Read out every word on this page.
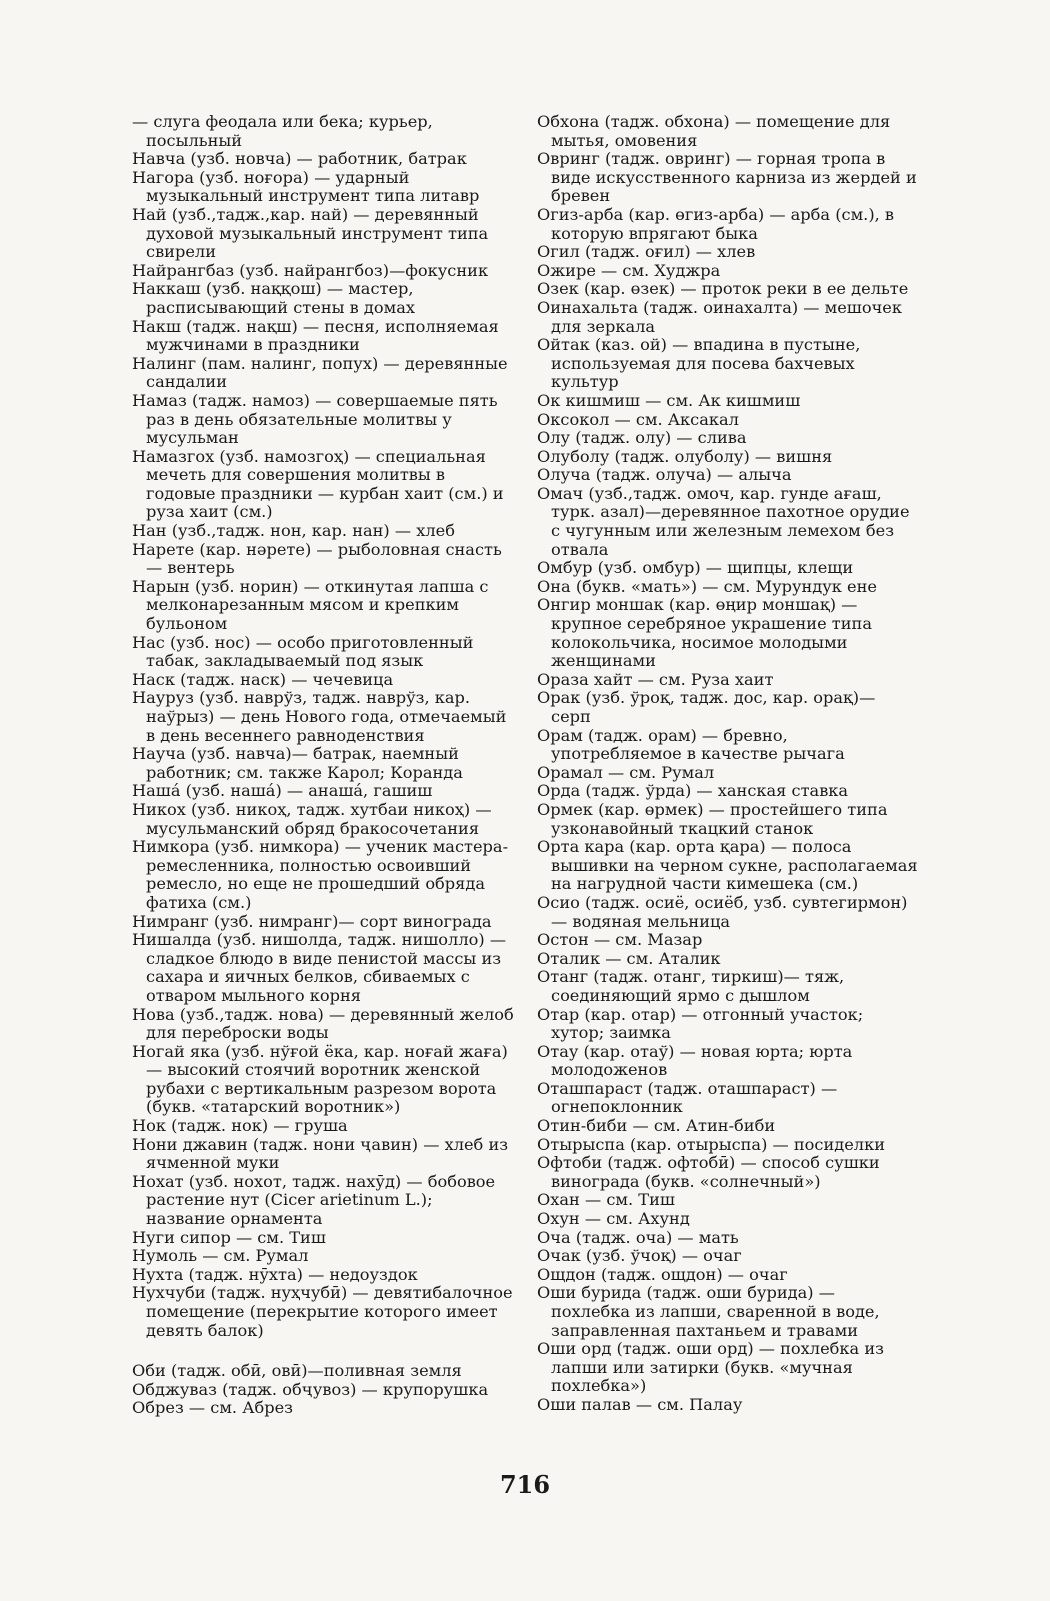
— слуга феодала или бека; курьер, посыльный

Навча (узб. новча) — работник, батрак

Нагора (узб. ноғора) — ударный музыкальный инструмент типа литавр

Най (узб.,тадж.,кар. най) — деревянный духовой музыкальный инструмент типа свирели

Найрангбаз (узб. найрангбоз)—фокусник

Наккаш (узб. наққош) — мастер, расписывающий стены в домах

Накш (тадж. нақш) — песня, исполняемая мужчинами в праздники

Налинг (пам. налинг, попух) — деревянные сандалии

Намаз (тадж. намоз) — совершаемые пять раз в день обязательные молитвы у мусульман

Намазгох (узб. намозгоҳ) — специальная мечеть для совершения молитвы в годовые праздники — курбан хаит (см.) и руза хаит (см.)

Нан (узб.,тадж. нон, кар. нан) — хлеб

Нарете (кар. нәрете) — рыболовная снасть — вентерь

Нарын (узб. норин) — откинутая лапша с мелконарезанным мясом и крепким бульоном

Нас (узб. нос) — особо приготовленный табак, закладываемый под язык

Наск (тадж. наск) — чечевица

Науруз (узб. наврўз, тадж. наврўз, кар. наўрыз) — день Нового года, отмечаемый в день весеннего равноденствия

Науча (узб. навча)— батрак, наемный работник; см. также Карол; Коранда

Нашá (узб. нашá) — анашá, гашиш

Никох (узб. никоҳ, тадж. хутбаи никоҳ) —мусульманский обряд бракосочетания

Нимкора (узб. нимкора) — ученик мастера-ремесленника, полностью освоивший ремесло, но еще не прошедший обряда фатиха (см.)

Нимранг (узб. нимранг)— сорт винограда

Нишалда (узб. нишолда, тадж. нишолло) — сладкое блюдо в виде пенистой массы из сахара и яичных белков, сбиваемых с отваром мыльного корня

Нова (узб.,тадж. нова) — деревянный желоб для переброски воды

Ногай яка (узб. нўғой ёка, кар. ноғай жаға) — высокий стоячий воротник женской рубахи с вертикальным разрезом ворота (букв. «татарский воротник»)

Нок (тадж. нок) — груша

Нони джавин (тадж. нони ҷавин) — хлеб из ячменной муки

Нохат (узб. нохот, тадж. нахӯд) — бобовое растение нут (Cicer arietinum L.); название орнамента

Нуги сипор — см. Тиш

Нумоль — см. Румал

Нухта (тадж. нӯхта) — недоуздок

Нухчуби (тадж. нуҳчубӣ) — девятибалочное помещение (перекрытие которого имеет девять балок)

Оби (тадж. обӣ, овӣ)—поливная земля

Обджуваз (тадж. обҷувоз) — крупорушка

Обрез — см. Абрез

Обхона (тадж. обхона) — помещение для мытья, омовения

Овринг (тадж. овринг) — горная тропа в виде искусственного карниза из жердей и бревен

Огиз-арба (кар. өгиз-арба) — арба (см.), в которую впрягают быка

Огил (тадж. оғил) — хлев

Ожире — см. Худжра

Озек (кар. өзек) — проток реки в ее дельте

Оинахальта (тадж. оинахалта) — мешочек для зеркала

Ойтак (каз. ой) — впадина в пустыне, используемая для посева бахчевых культур

Ок кишмиш — см. Ак кишмиш

Оксокол — см. Аксакал

Олу (тадж. олу) — слива

Олуболу (тадж. олуболу) — вишня

Олуча (тадж. олуча) — алыча

Омач (узб.,тадж. омоч, кар. гунде ағаш, турк. азал)—деревянное пахотное орудие с чугунным или железным лемехом без отвала

Омбур (узб. омбур) — щипцы, клещи

Она (букв. «мать») — см. Мурундук ене

Онгир моншак (кар. өңир моншақ) — крупное серебряное украшение типа колокольчика, носимое молодыми женщинами

Ораза хайт — см. Руза хаит

Орак (узб. ўроқ, тадж. дос, кар. орақ)— серп

Орам (тадж. орам) — бревно, употребляемое в качестве рычага

Орамал — см. Румал

Орда (тадж. ўрда) — ханская ставка

Ормек (кар. өрмек) — простейшего типа узконавойный ткацкий станок

Орта кара (кар. орта қара) — полоса вышивки на черном сукне, располагаемая на нагрудной части кимешека (см.)

Осио (тадж. осиё, осиёб, узб. сувтегирмон) — водяная мельница

Остон — см. Мазар

Оталик — см. Аталик

Отанг (тадж. отанг, тиркиш)— тяж, соединяющий ярмо с дышлом

Отар (кар. отар) — отгонный участок; хутор; заимка

Отау (кар. отаў) — новая юрта; юрта молодоженов

Оташпараст (тадж. оташпараст) — огнепоклонник

Отин-биби — см. Атин-биби

Отырыспа (кар. отырыспа) — посиделки

Офтоби (тадж. офтобӣ) — способ сушки винограда (букв. «солнечный»)

Охан — см. Тиш

Охун — см. Ахунд

Оча (тадж. оча) — мать

Очак (узб. ўчоқ) — очаг

Ощдон (тадж. ощдон) — очаг

Оши бурида (тадж. оши бурида) — похлебка из лапши, сваренной в воде, заправленная пахтаньем и травами

Оши орд (тадж. оши орд) — похлебка из лапши или затирки (букв. «мучная похлебка»)

Оши палав — см. Палау

716
